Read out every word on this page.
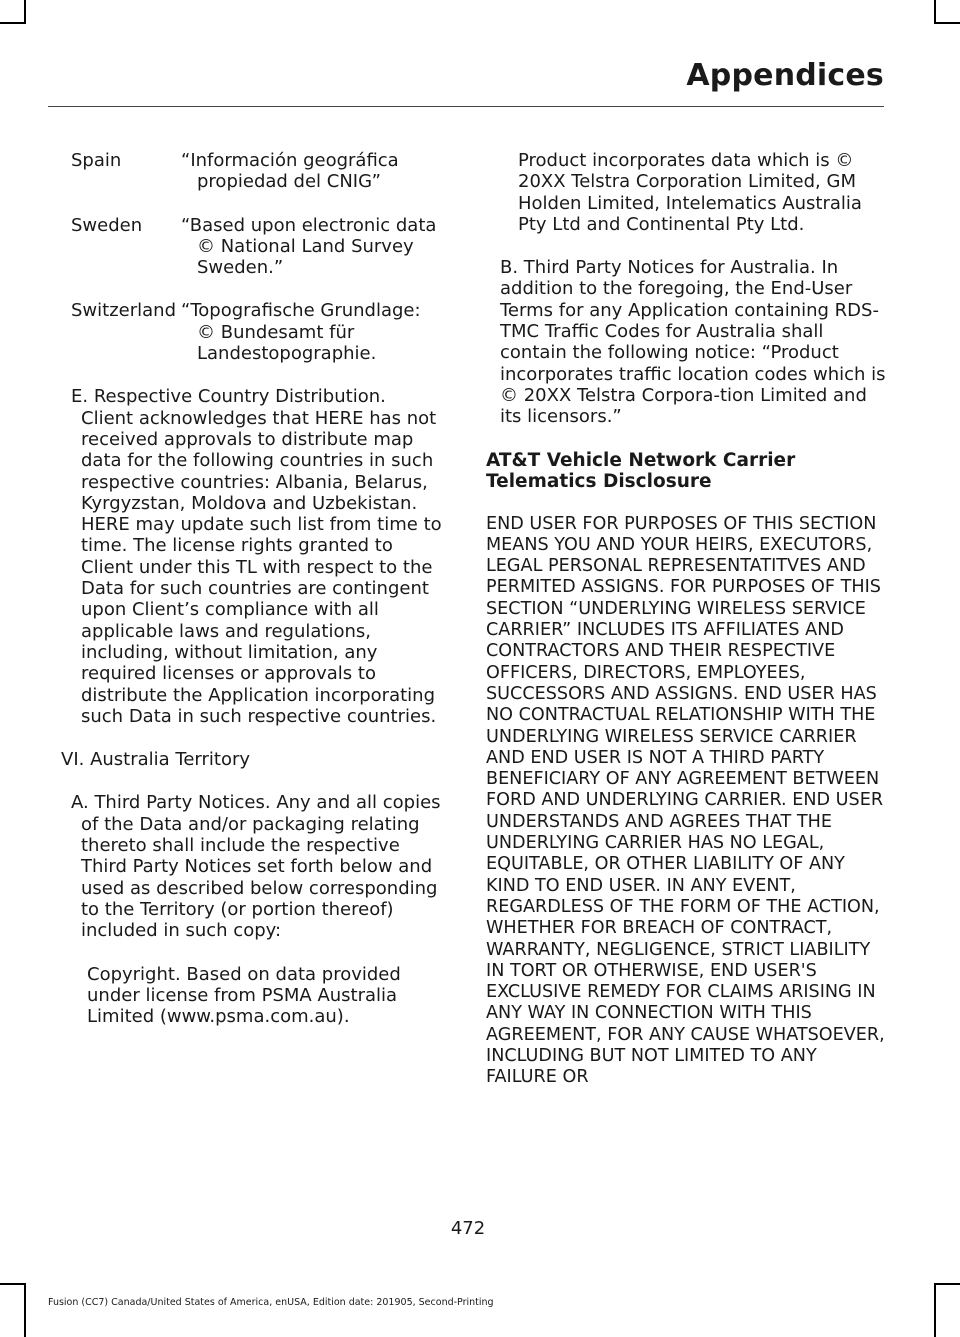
Appendices
Spain	“Información geográfica propiedad del CNIG”
Sweden	“Based upon electronic data © National Land Survey Sweden.”
Switzerland “Topografische Grundlage: © Bundesamt für Landestopographie.

E. Respective Country Distribution. Client acknowledges that HERE has not received approvals to distribute map data for the following countries in such respective countries: Albania, Belarus, Kyrgyzstan, Moldova and Uzbekistan. HERE may update such list from time to time. The license rights granted to Client under this TL with respect to the Data for such countries are contingent upon Client’s compliance with all applicable laws and regulations, including, without limitation, any required licenses or approvals to distribute the Application incorporating such Data in such respective countries.

VI. Australia Territory

A. Third Party Notices. Any and all copies of the Data and/or packaging relating thereto shall include the respective Third Party Notices set forth below and used as described below corresponding to the Territory (or portion thereof) included in such copy:

Copyright. Based on data provided under license from PSMA Australia Limited (www.psma.com.au).

Product incorporates data which is © 20XX Telstra Corporation Limited, GM Holden Limited, Intelematics Australia Pty Ltd and Continental Pty Ltd.

B. Third Party Notices for Australia. In addition to the foregoing, the End-User Terms for any Application containing RDS-TMC Traffic Codes for Australia shall contain the following notice: “Product incorporates traffic location codes which is © 20XX Telstra Corpora-tion Limited and its licensors.”

AT&T Vehicle Network Carrier Telematics Disclosure

END USER FOR PURPOSES OF THIS SECTION MEANS YOU AND YOUR HEIRS, EXECUTORS, LEGAL PERSONAL REPRESENTATITVES AND PERMITED ASSIGNS. FOR PURPOSES OF THIS SECTION “UNDERLYING WIRELESS SERVICE CARRIER” INCLUDES ITS AFFILIATES AND CONTRACTORS AND THEIR RESPECTIVE OFFICERS, DIRECTORS, EMPLOYEES, SUCCESSORS AND ASSIGNS. END USER HAS NO CONTRACTUAL RELATIONSHIP WITH THE UNDERLYING WIRELESS SERVICE CARRIER AND END USER IS NOT A THIRD PARTY BENEFICIARY OF ANY AGREEMENT BETWEEN FORD AND UNDERLYING CARRIER. END USER UNDERSTANDS AND AGREES THAT THE UNDERLYING CARRIER HAS NO LEGAL, EQUITABLE, OR OTHER LIABILITY OF ANY KIND TO END USER. IN ANY EVENT, REGARDLESS OF THE FORM OF THE ACTION, WHETHER FOR BREACH OF CONTRACT, WARRANTY, NEGLIGENCE, STRICT LIABILITY IN TORT OR OTHERWISE, END USER'S EXCLUSIVE REMEDY FOR CLAIMS ARISING IN ANY WAY IN CONNECTION WITH THIS AGREEMENT, FOR ANY CAUSE WHATSOEVER, INCLUDING BUT NOT LIMITED TO ANY FAILURE OR

472
Fusion (CC7) Canada/United States of America, enUSA, Edition date: 201905, Second-Printing
